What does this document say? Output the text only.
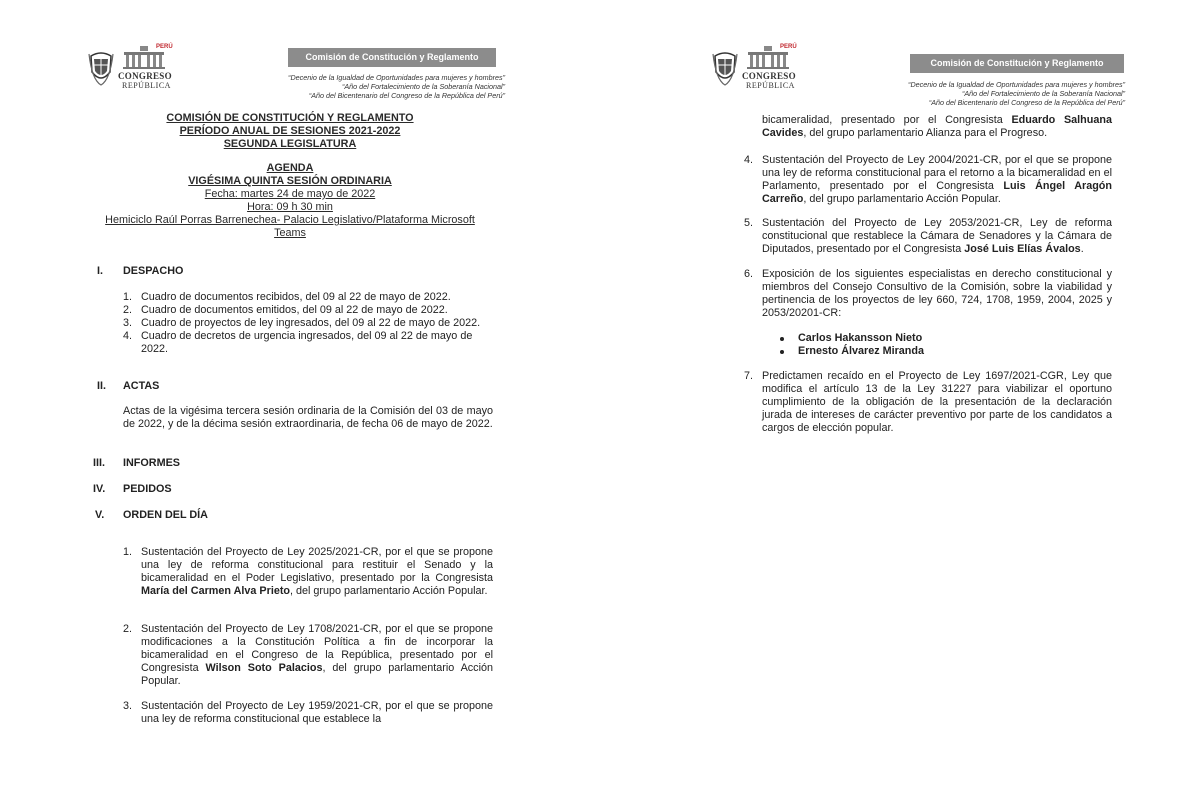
PERÚ
CONGRESO
REPÚBLICA
Comisión de Constitución y Reglamento
“Decenio de la Igualdad de Oportunidades para mujeres y hombres”
“Año del Fortalecimiento de la Soberanía Nacional”
“Año del Bicentenario del Congreso de la República del Perú”
COMISIÓN DE CONSTITUCIÓN Y REGLAMENTO
PERÍODO ANUAL DE SESIONES 2021-2022
SEGUNDA LEGISLATURA
AGENDA
VIGÉSIMA QUINTA SESIÓN ORDINARIA
Fecha: martes 24 de mayo de 2022
Hora: 09 h 30 min
Hemiciclo Raúl Porras Barrenechea- Palacio Legislativo/Plataforma Microsoft
Teams
I.	DESPACHO
1. Cuadro de documentos recibidos, del 09 al 22 de mayo de 2022.
2. Cuadro de documentos emitidos, del 09 al 22 de mayo de 2022.
3. Cuadro de proyectos de ley ingresados, del 09 al 22 de mayo de 2022.
4. Cuadro de decretos de urgencia ingresados, del 09 al 22 de mayo de 2022.
II.	ACTAS
Actas de la vigésima tercera sesión ordinaria de la Comisión del 03 de mayo de 2022, y de la décima sesión extraordinaria, de fecha 06 de mayo de 2022.
III.	INFORMES
IV.	PEDIDOS
V.	ORDEN DEL DÍA
1. Sustentación del Proyecto de Ley 2025/2021-CR, por el que se propone una ley de reforma constitucional para restituir el Senado y la bicameralidad en el Poder Legislativo, presentado por la Congresista María del Carmen Alva Prieto, del grupo parlamentario Acción Popular.
2. Sustentación del Proyecto de Ley 1708/2021-CR, por el que se propone modificaciones a la Constitución Política a fin de incorporar la bicameralidad en el Congreso de la República, presentado por el Congresista Wilson Soto Palacios, del grupo parlamentario Acción Popular.
3. Sustentación del Proyecto de Ley 1959/2021-CR, por el que se propone una ley de reforma constitucional que establece la
PERÚ
CONGRESO
REPÚBLICA
Comisión de Constitución y Reglamento
“Decenio de la Igualdad de Oportunidades para mujeres y hombres”
“Año del Fortalecimiento de la Soberanía Nacional”
“Año del Bicentenario del Congreso de la República del Perú”
bicameralidad, presentado por el Congresista Eduardo Salhuana Cavides, del grupo parlamentario Alianza para el Progreso.
4. Sustentación del Proyecto de Ley 2004/2021-CR, por el que se propone una ley de reforma constitucional para el retorno a la bicameralidad en el Parlamento, presentado por el Congresista Luis Ángel Aragón Carreño, del grupo parlamentario Acción Popular.
5. Sustentación del Proyecto de Ley 2053/2021-CR, Ley de reforma constitucional que restablece la Cámara de Senadores y la Cámara de Diputados, presentado por el Congresista José Luis Elías Ávalos.
6. Exposición de los siguientes especialistas en derecho constitucional y miembros del Consejo Consultivo de la Comisión, sobre la viabilidad y pertinencia de los proyectos de ley 660, 724, 1708, 1959, 2004, 2025 y 2053/20201-CR:
Carlos Hakansson Nieto
Ernesto Álvarez Miranda
7. Predictamen recaído en el Proyecto de Ley 1697/2021-CGR, Ley que modifica el artículo 13 de la Ley 31227 para viabilizar el oportuno cumplimiento de la obligación de la presentación de la declaración jurada de intereses de carácter preventivo por parte de los candidatos a cargos de elección popular.
